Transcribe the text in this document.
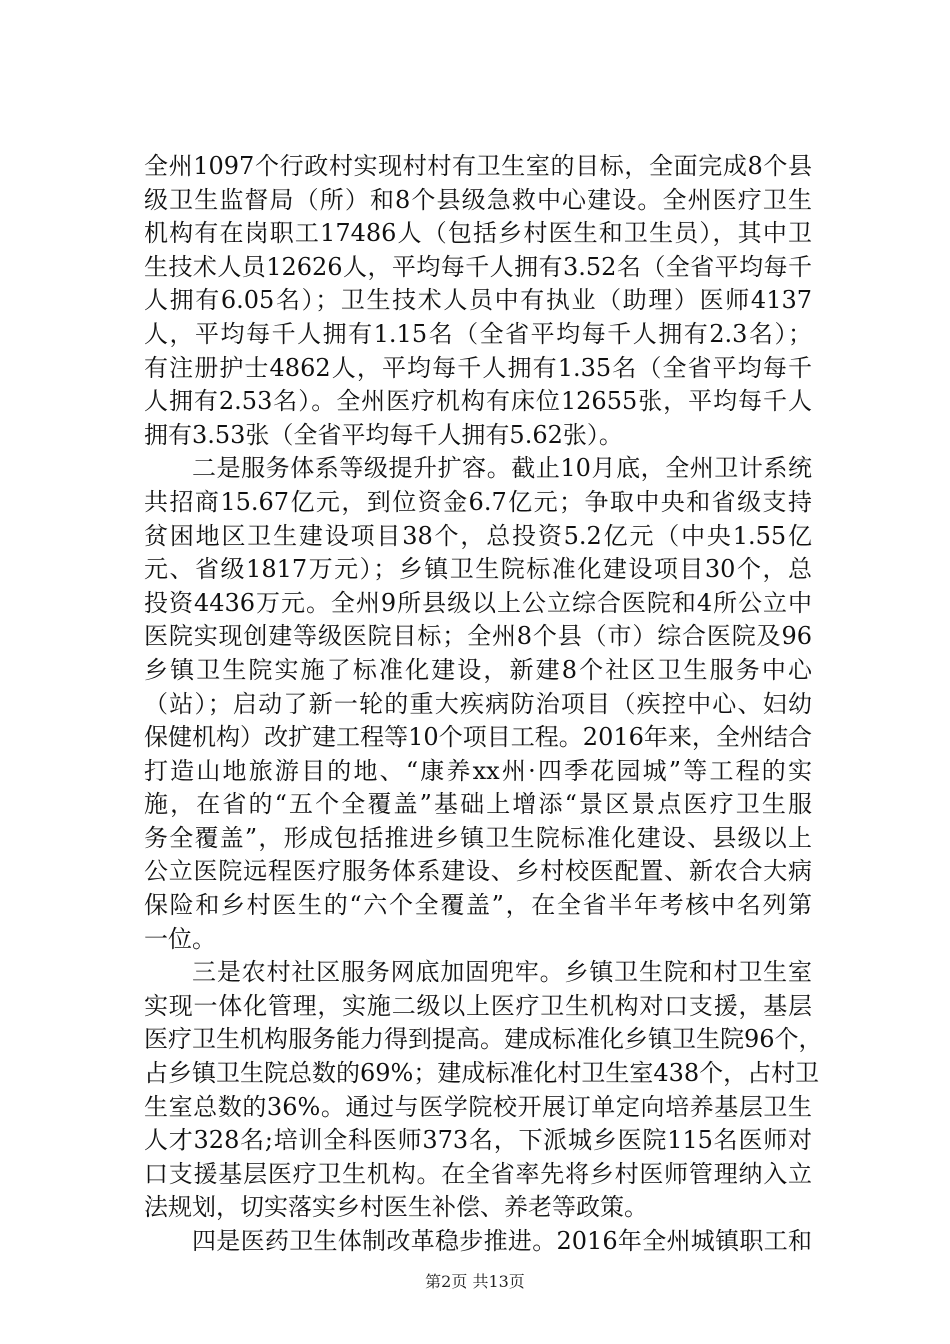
全州1097个行政村实现村村有卫生室的目标，全面完成8个县
级卫生监督局（所）和8个县级急救中心建设。全州医疗卫生
机构有在岗职工17486人（包括乡村医生和卫生员），其中卫
生技术人员12626人，平均每千人拥有3.52名（全省平均每千
人拥有6.05名）；卫生技术人员中有执业（助理）医师4137
人，平均每千人拥有1.15名（全省平均每千人拥有2.3名）；
有注册护士4862人，平均每千人拥有1.35名（全省平均每千
人拥有2.53名）。全州医疗机构有床位12655张，平均每千人
拥有3.53张（全省平均每千人拥有5.62张）。
二是服务体系等级提升扩容。截止10月底，全州卫计系统
共招商15.67亿元，到位资金6.7亿元；争取中央和省级支持
贫困地区卫生建设项目38个，总投资5.2亿元（中央1.55亿
元、省级1817万元）；乡镇卫生院标准化建设项目30个，总
投资4436万元。全州9所县级以上公立综合医院和4所公立中
医院实现创建等级医院目标；全州8个县（市）综合医院及96
乡镇卫生院实施了标准化建设，新建8个社区卫生服务中心
（站）；启动了新一轮的重大疾病防治项目（疾控中心、妇幼
保健机构）改扩建工程等10个项目工程。2016年来，全州结合
打造山地旅游目的地、“康养xx州·四季花园城”等工程的实
施，在省的“五个全覆盖”基础上增添“景区景点医疗卫生服
务全覆盖”，形成包括推进乡镇卫生院标准化建设、县级以上
公立医院远程医疗服务体系建设、乡村校医配置、新农合大病
保险和乡村医生的“六个全覆盖”，在全省半年考核中名列第
一位。
三是农村社区服务网底加固兜牢。乡镇卫生院和村卫生室
实现一体化管理，实施二级以上医疗卫生机构对口支援，基层
医疗卫生机构服务能力得到提高。建成标准化乡镇卫生院96个，
占乡镇卫生院总数的69%；建成标准化村卫生室438个，占村卫
生室总数的36%。通过与医学院校开展订单定向培养基层卫生
人才328名;培训全科医师373名，下派城乡医院115名医师对
口支援基层医疗卫生机构。在全省率先将乡村医师管理纳入立
法规划，切实落实乡村医生补偿、养老等政策。
四是医药卫生体制改革稳步推进。2016年全州城镇职工和
第2页 共13页
